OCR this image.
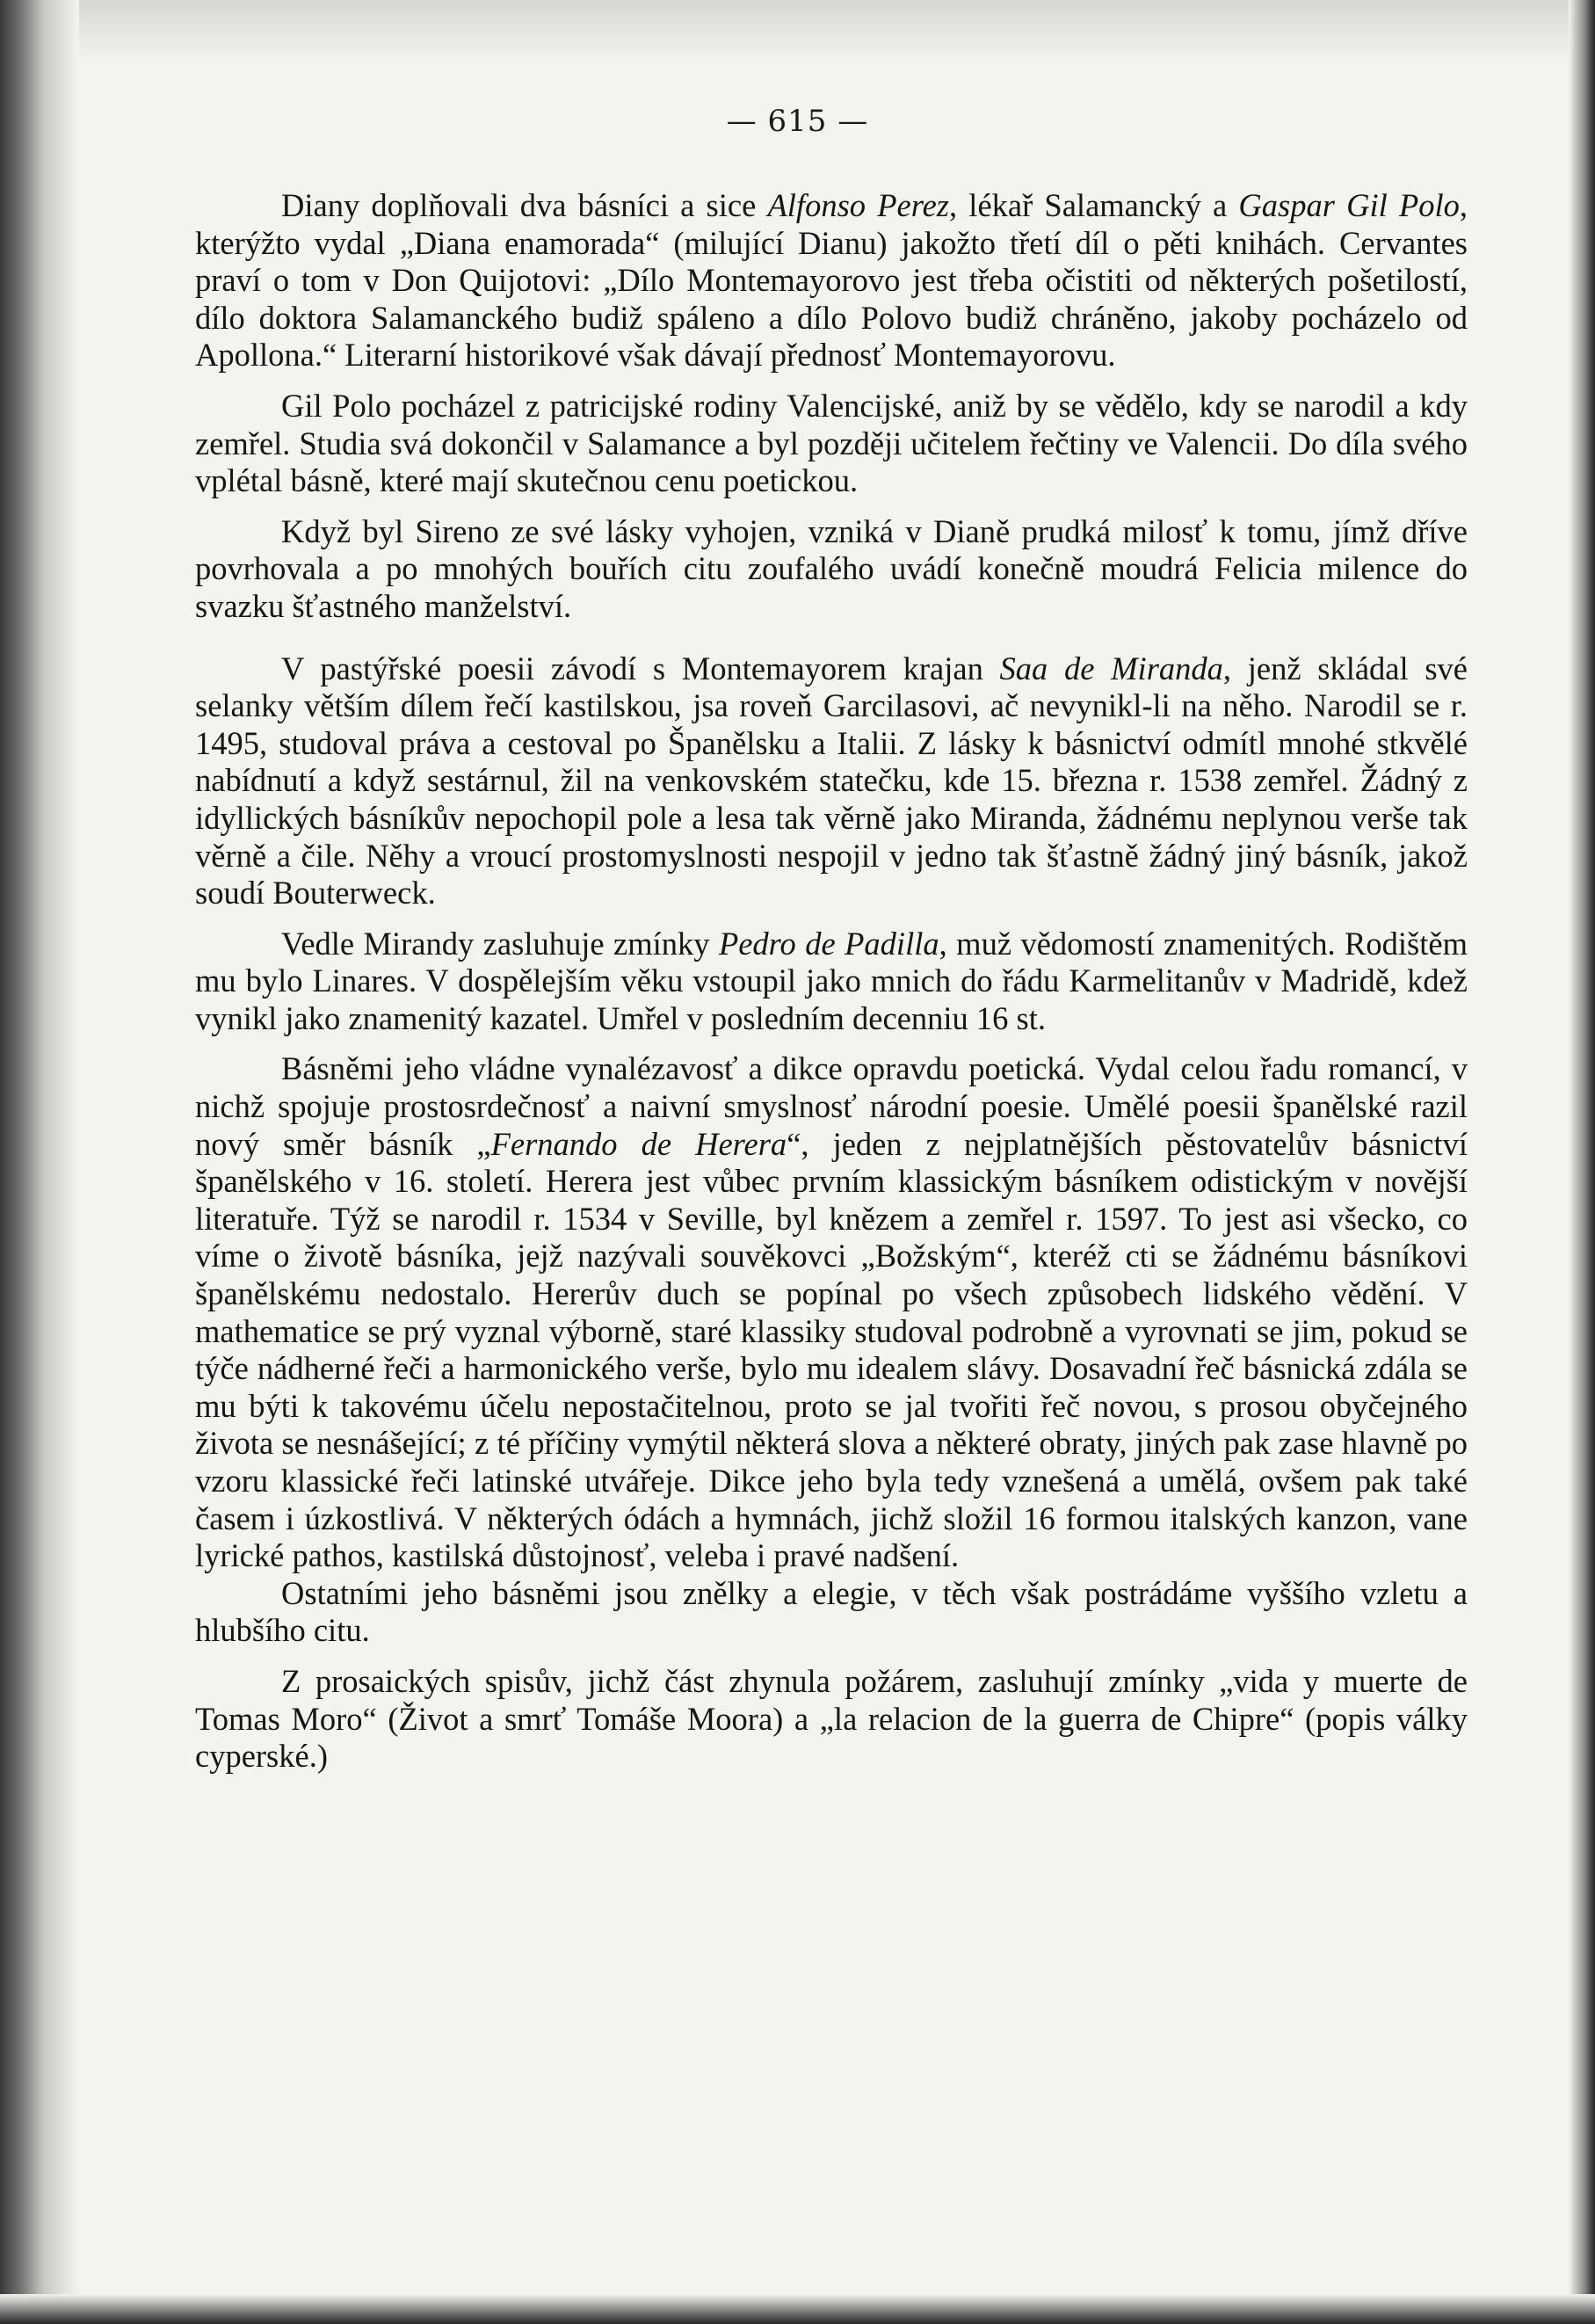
— 615 —

Diany doplňovali dva básníci a sice Alfonso Perez, lékař Salamancký a Gaspar Gil Polo, kterýžto vydal „Diana enamorada“ (milující Dianu) jakožto třetí díl o pěti knihách. Cervantes praví o tom v Don Quijotovi: „Dílo Montemayorovo jest třeba očistiti od některých pošetilostí, dílo doktora Salamanckého budiž spáleno a dílo Polovo budiž chráněno, jakoby pocházelo od Apollona.“ Literarní historikové však dávají přednosť Montemayorovu.

Gil Polo pocházel z patricijské rodiny Valencijské, aniž by se vědělo, kdy se narodil a kdy zemřel. Studia svá dokončil v Salamance a byl později učitelem řečtiny ve Valencii. Do díla svého vplétal básně, které mají skutečnou cenu poetickou.

Když byl Sireno ze své lásky vyhojen, vzniká v Dianě prudká milosť k tomu, jímž dříve povrhovala a po mnohých bouřích citu zoufalého uvádí konečně moudrá Felicia milence do svazku šťastného manželství.

V pastýřské poesii závodí s Montemayorem krajan Saa de Miranda, jenž skládal své selanky větším dílem řečí kastilskou, jsa roveň Garcilasovi, ač nevynikl-li na něho. Narodil se r. 1495, studoval práva a cestoval po Španělsku a Italii. Z lásky k básnictví odmítl mnohé stkvělé nabídnutí a když sestárnul, žil na venkovském statečku, kde 15. března r. 1538 zemřel. Žádný z idyllických básníkův nepochopil pole a lesa tak věrně jako Miranda, žádnému neplynou verše tak věrně a čile. Něhy a vroucí prostomyslnosti nespojil v jedno tak šťastně žádný jiný básník, jakož soudí Bouterweck.

Vedle Mirandy zasluhuje zmínky Pedro de Padilla, muž vědomostí znamenitých. Rodištěm mu bylo Linares. V dospělejším věku vstoupil jako mnich do řádu Karmelitanův v Madridě, kdež vynikl jako znamenitý kazatel. Umřel v posledním decenniu 16 st.

Básněmi jeho vládne vynalézavosť a dikce opravdu poetická. Vydal celou řadu romancí, v nichž spojuje prostosrdečnosť a naivní smyslnosť národní poesie. Umělé poesii španělské razil nový směr básník „Fernando de Herera“, jeden z nejplatnějších pěstovatelův básnictví španělského v 16. století. Herera jest vůbec prvním klassickým básníkem odistickým v novější literatuře. Týž se narodil r. 1534 v Seville, byl knězem a zemřel r. 1597. To jest asi všecko, co víme o životě básníka, jejž nazývali souvěkovci „Božským“, kteréž cti se žádnému básníkovi španělskému nedostalo. Hererův duch se popínal po všech způsobech lidského vědění. V mathematice se prý vyznal výborně, staré klassiky studoval podrobně a vyrovnati se jim, pokud se týče nádherné řeči a harmonického verše, bylo mu idealem slávy. Dosavadní řeč básnická zdála se mu býti k takovému účelu nepostačitelnou, proto se jal tvořiti řeč novou, s prosou obyčejného života se nesnášející; z té příčiny vymýtil některá slova a některé obraty, jiných pak zase hlavně po vzoru klassické řeči latinské utvářeje. Dikce jeho byla tedy vznešená a umělá, ovšem pak také časem i úzkostlivá. V některých ódách a hymnách, jichž složil 16 formou italských kanzon, vane lyrické pathos, kastilská důstojnosť, veleba i pravé nadšení.

Ostatními jeho básněmi jsou znělky a elegie, v těch však postrádáme vyššího vzletu a hlubšího citu.

Z prosaických spisův, jichž část zhynula požárem, zasluhují zmínky „vida y muerte de Tomas Moro“ (Život a smrť Tomáše Moora) a „la relacion de la guerra de Chipre“ (popis války cyperské.)
